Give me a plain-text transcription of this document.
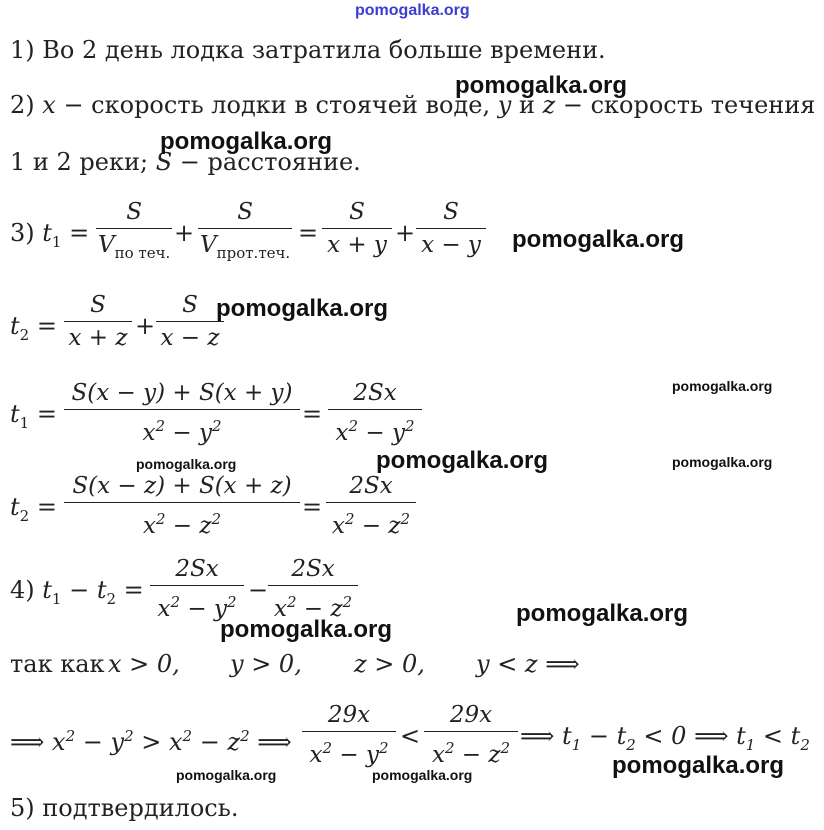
pomogalka.org
1) Во 2 день лодка затратила больше времени.
2) x − скорость лодки в стоячей воде, y и z − скорость течения
1 и 2 реки; S − расстояние.
3) $t_1$ =
S
$V_{по теч.}$
+
S
$V_{прот.теч.}$
=
S
x + y +
S
x − y
$t_2$ =
S
x + z +
S
x − z
$t_1$ =
S(x − y) + S(x + y)
$x^2 - y^2$	=
2Sx
$x^2 - y^2$
$t_2$ =
S(x − z) + S(x + z)
$x^2 - z^2$	=
2Sx
$x^2 - z^2$
4) $t_1 - t_2$ =
2Sx
$x^2 - y^2$ −
2Sx
$x^2 - z^2$
так как x > 0, y > 0, z > 0, y < z ⟹
⟹ $x^2 - y^2 > x^2 - z^2$ ⟹
29x
$x^2 - y^2$ <
29x
$x^2 - z^2$ ⟹ $t_1 - t_2 < 0$ ⟹ $t_1 < t_2$
5) подтвердилось.
pomogalka.org
pomogalka.org
pomogalka.org
pomogalka.org
pomogalka.org
pomogalka.org	pomogalka.org	pomogalka.org
pomogalka.org
pomogalka.org
pomogalka.org	pomogalka.org	pomogalka.org
